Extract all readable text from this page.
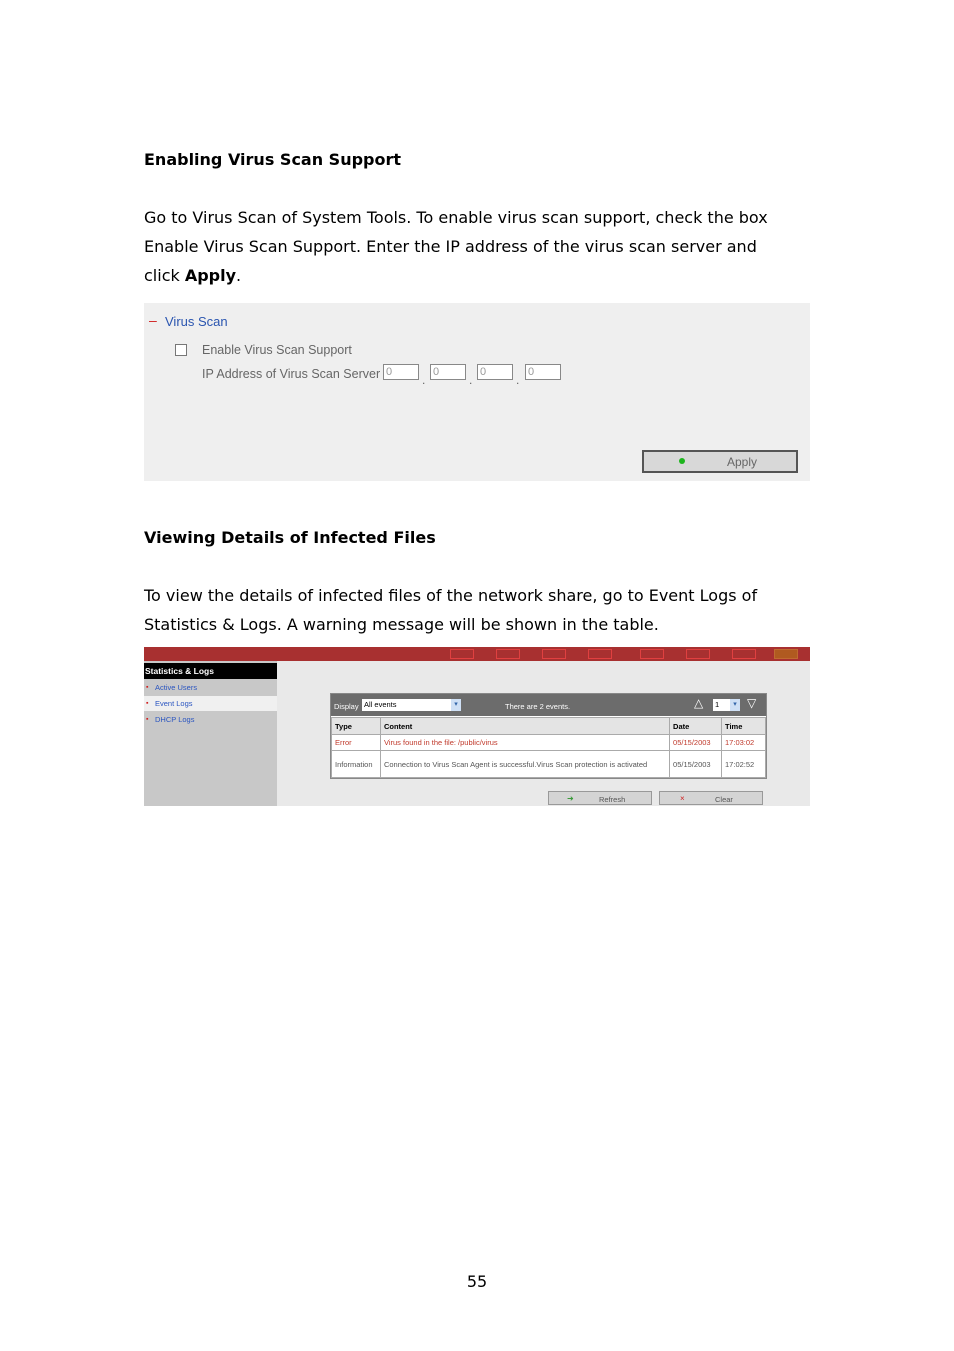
Enabling Virus Scan Support
Go to Virus Scan of System Tools. To enable virus scan support, check the box
Enable Virus Scan Support. Enter the IP address of the virus scan server and
click Apply.
– Virus Scan
Enable Virus Scan Support
IP Address of Virus Scan Server 0
.
0
.
0
.
0
Apply
Viewing Details of Infected Files
To view the details of infected files of the network share, go to Event Logs of
Statistics & Logs. A warning message will be shown in the table.
Statistics & Logs
▪ Active Users
▪ Event Logs
▪ DHCP Logs
Display All events	▾	There are 2 events.	△ 1	▾ ▽
Type	Content	Date	Time
Error	Virus found in the file: /public/virus	05/15/2003	17:03:02
Information	Connection to Virus Scan Agent is successful.Virus Scan protection is activated	05/15/2003	17:02:52
➜	Refresh	×	Clear
55
